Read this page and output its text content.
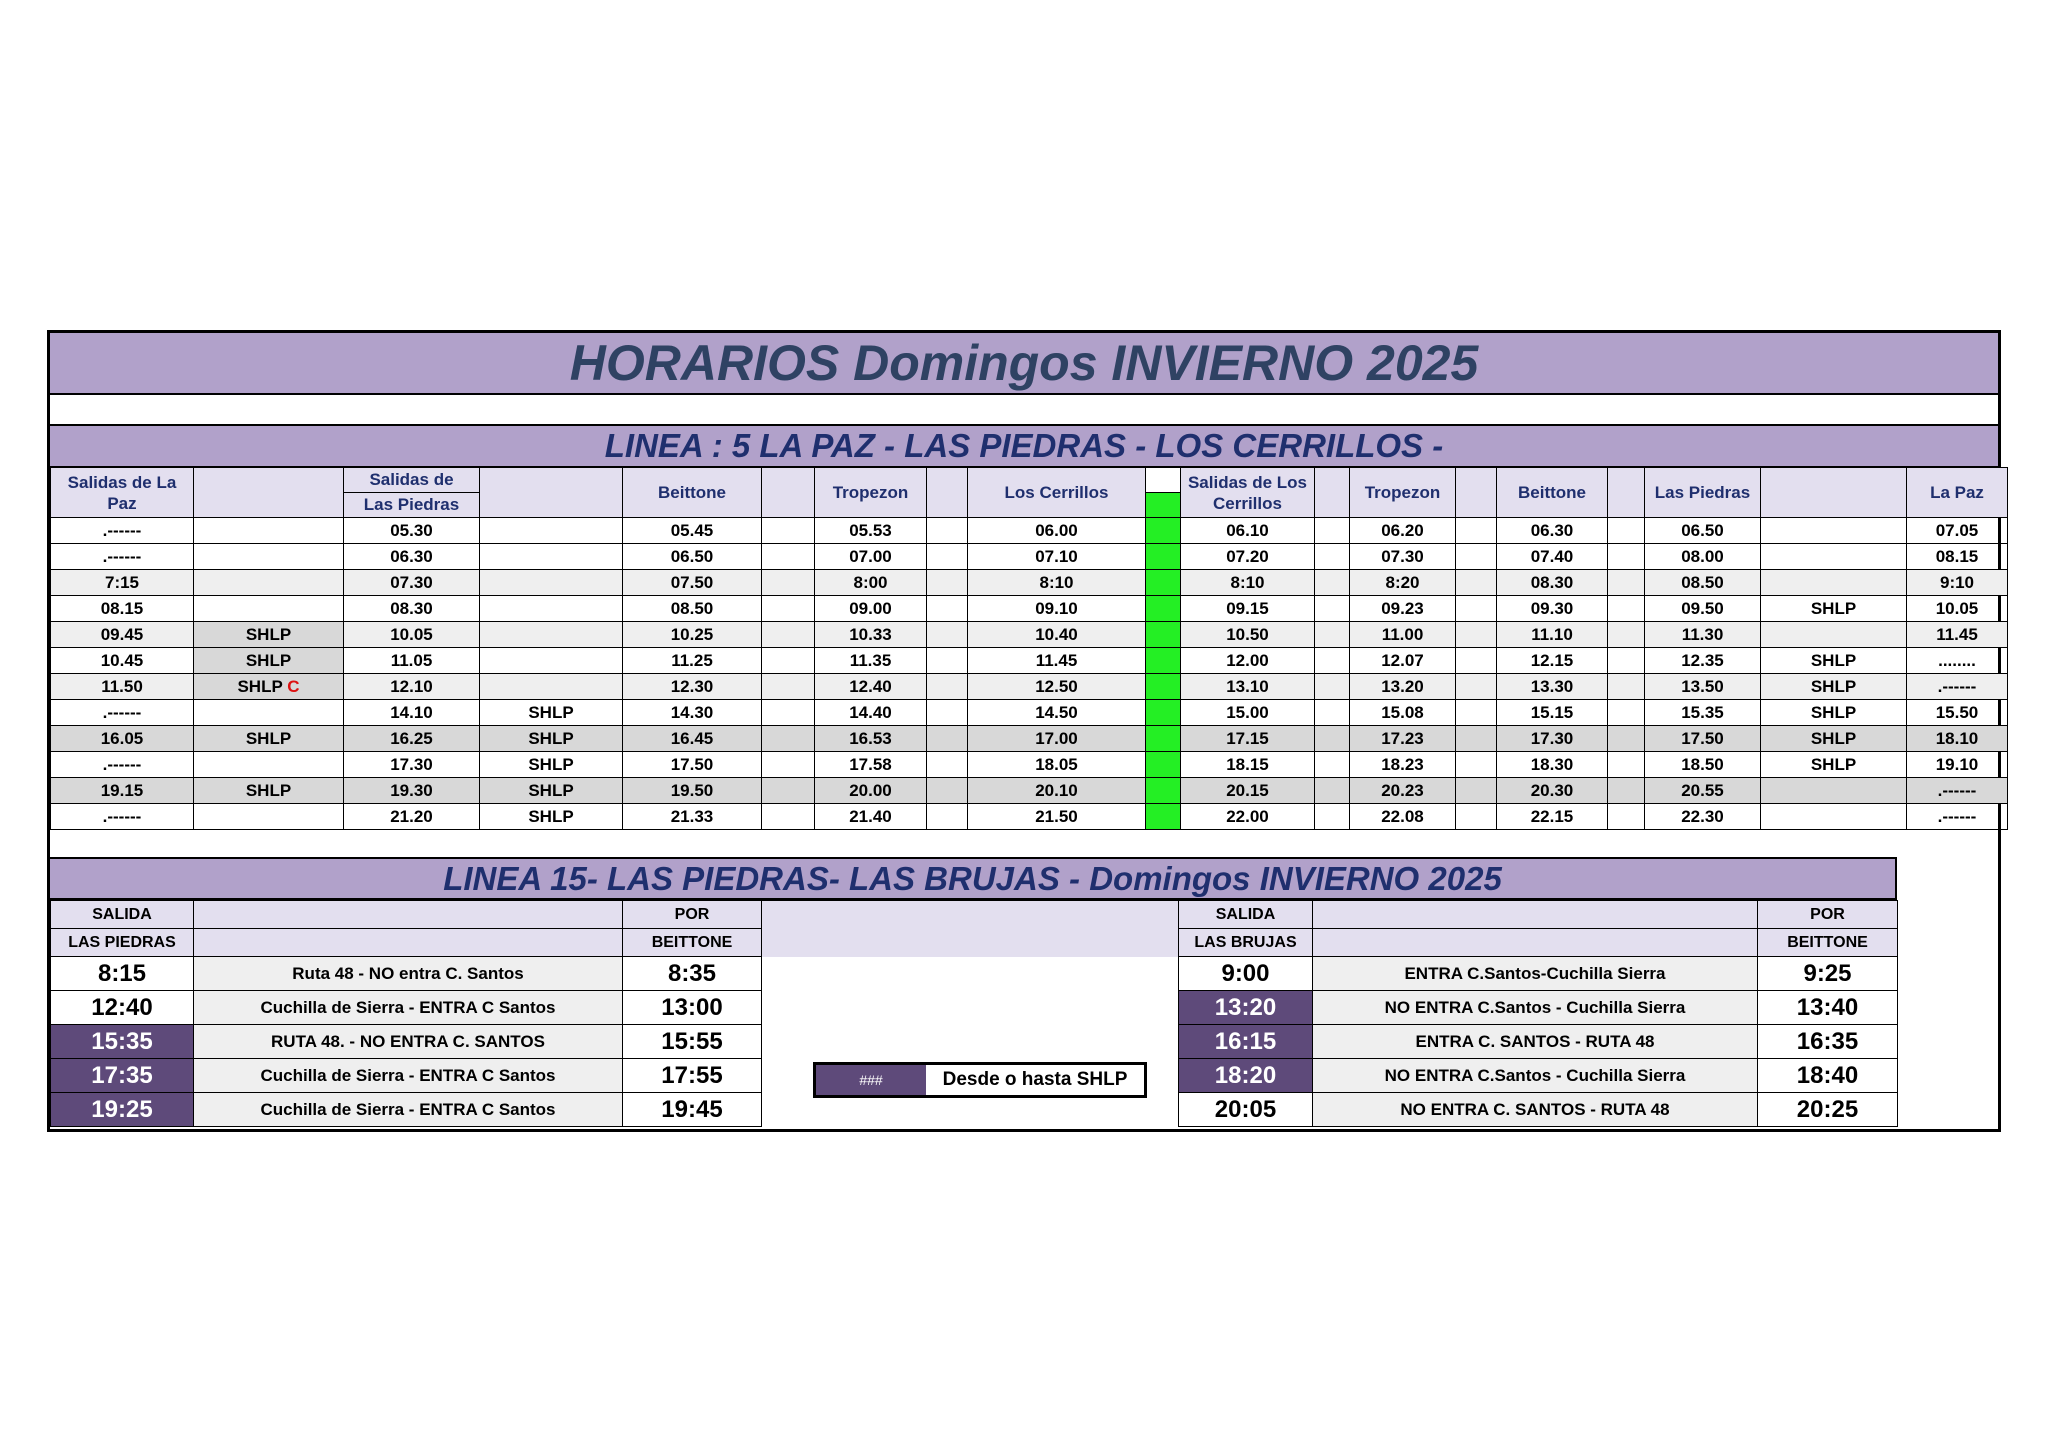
HORARIOS Domingos INVIERNO 2025
LINEA : 5 LA PAZ - LAS PIEDRAS - LOS CERRILLOS -
Salidas de La Paz		Salidas de		Beittone		Tropezon		Los Cerrillos		Salidas de Los Cerrillos		Tropezon		Beittone		Las Piedras		La Paz
		Las Piedras																
.------		05.30		05.45		05.53		06.00		06.10		06.20		06.30		06.50		07.05
.------		06.30		06.50		07.00		07.10		07.20		07.30		07.40		08.00		08.15
7:15		07.30		07.50		8:00		8:10		8:10		8:20		08.30		08.50		9:10
08.15		08.30		08.50		09.00		09.10		09.15		09.23		09.30		09.50	SHLP	10.05
09.45	SHLP	10.05		10.25		10.33		10.40		10.50		11.00		11.10		11.30		11.45
10.45	SHLP	11.05		11.25		11.35		11.45		12.00		12.07		12.15		12.35	SHLP	........
11.50	SHLP C	12.10		12.30		12.40		12.50		13.10		13.20		13.30		13.50	SHLP	.------
.------		14.10	SHLP	14.30		14.40		14.50		15.00		15.08		15.15		15.35	SHLP	15.50
16.05	SHLP	16.25	SHLP	16.45		16.53		17.00		17.15		17.23		17.30		17.50	SHLP	18.10
.------		17.30	SHLP	17.50		17.58		18.05		18.15		18.23		18.30		18.50	SHLP	19.10
19.15	SHLP	19.30	SHLP	19.50		20.00		20.10		20.15		20.23		20.30		20.55		.------
.------		21.20	SHLP	21.33		21.40		21.50		22.00		22.08		22.15		22.30		.------
LINEA 15- LAS PIEDRAS- LAS BRUJAS - Domingos INVIERNO 2025
SALIDA		POR		SALIDA		POR
LAS PIEDRAS		BEITTONE		LAS BRUJAS		BEITTONE
8:15	Ruta 48 - NO entra C. Santos	8:35		9:00	ENTRA C.Santos-Cuchilla Sierra	9:25
12:40	Cuchilla de Sierra - ENTRA C Santos	13:00		13:20	NO ENTRA C.Santos - Cuchilla Sierra	13:40
15:35	RUTA 48. - NO ENTRA C. SANTOS	15:55		16:15	ENTRA C. SANTOS - RUTA 48	16:35
17:35	Cuchilla de Sierra - ENTRA C Santos	17:55		18:20	NO ENTRA C.Santos - Cuchilla Sierra	18:40
19:25	Cuchilla de Sierra - ENTRA C Santos	19:45		20:05	NO ENTRA C. SANTOS - RUTA 48	20:25
###	Desde o hasta SHLP
